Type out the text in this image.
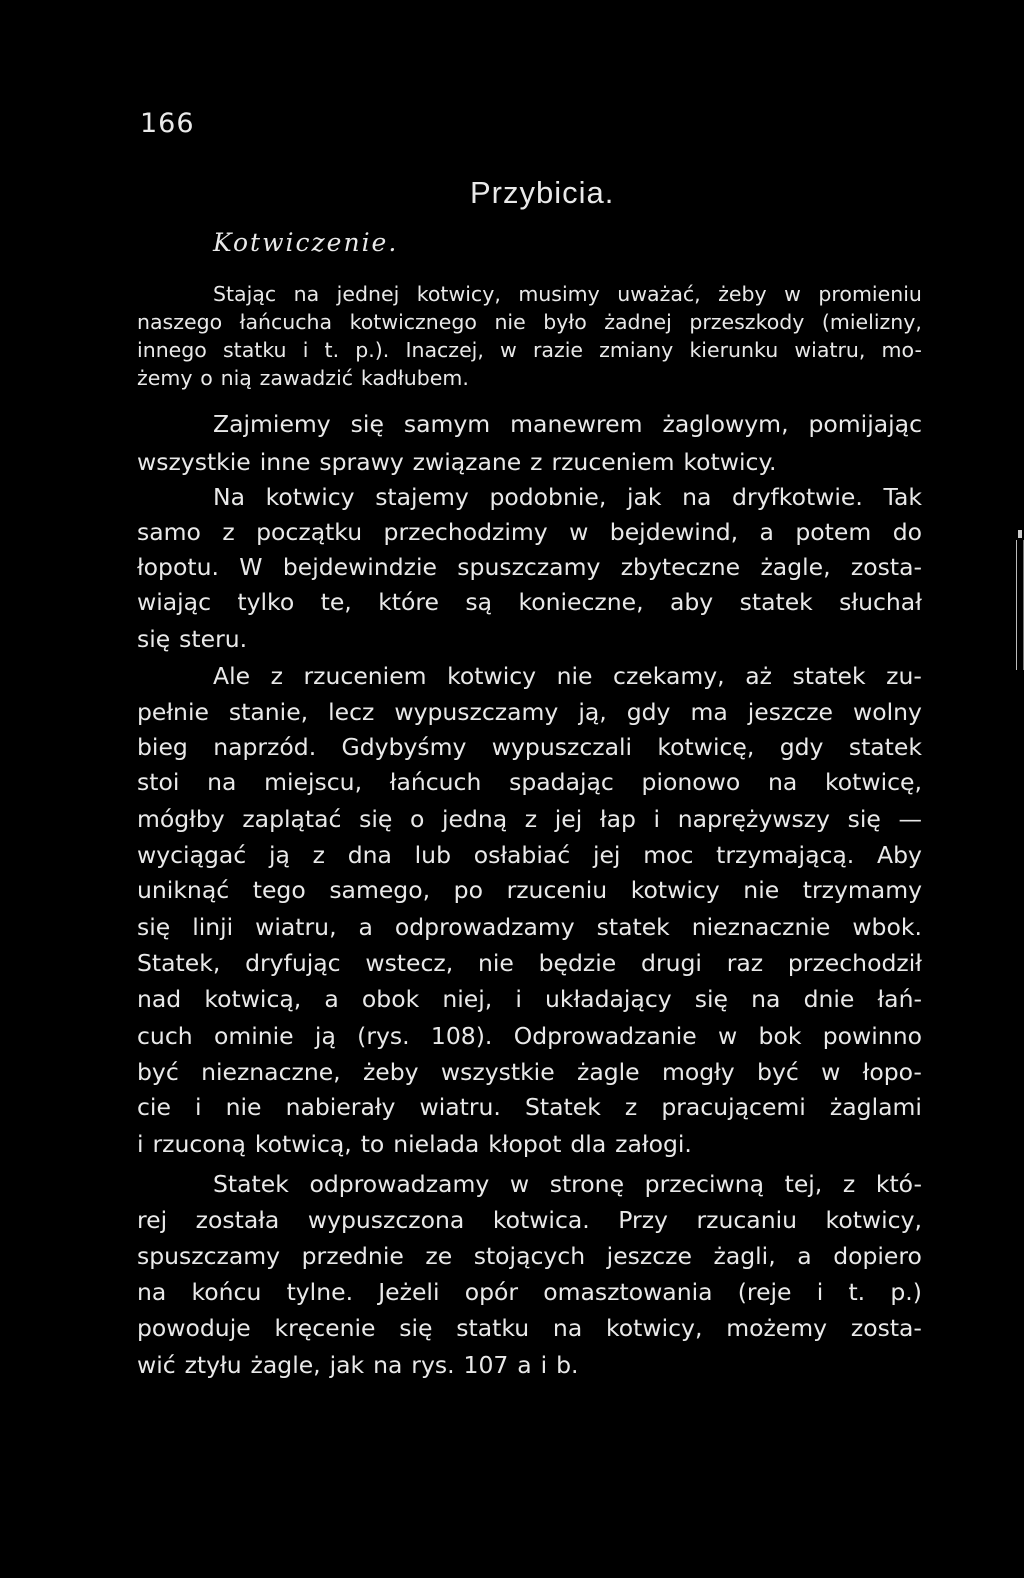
166
Przybicia.
Kotwiczenie.
Stając na jednej kotwicy, musimy uważać, żeby w promieniu
naszego łańcucha kotwicznego nie było żadnej przeszkody (mielizny,
innego statku i t. p.). Inaczej, w razie zmiany kierunku wiatru, mo-
żemy o nią zawadzić kadłubem.
Zajmiemy się samym manewrem żaglowym, pomijając
wszystkie inne sprawy związane z rzuceniem kotwicy.
Na kotwicy stajemy podobnie, jak na dryfkotwie. Tak
samo z początku przechodzimy w bejdewind, a potem do
łopotu. W bejdewindzie spuszczamy zbyteczne żagle, zosta-
wiając tylko te, które są konieczne, aby statek słuchał
się steru.
Ale z rzuceniem kotwicy nie czekamy, aż statek zu-
pełnie stanie, lecz wypuszczamy ją, gdy ma jeszcze wolny
bieg naprzód. Gdybyśmy wypuszczali kotwicę, gdy statek
stoi na miejscu, łańcuch spadając pionowo na kotwicę,
mógłby zaplątać się o jedną z jej łap i naprężywszy się —
wyciągać ją z dna lub osłabiać jej moc trzymającą. Aby
uniknąć tego samego, po rzuceniu kotwicy nie trzymamy
się linji wiatru, a odprowadzamy statek nieznacznie wbok.
Statek, dryfując wstecz, nie będzie drugi raz przechodził
nad kotwicą, a obok niej, i układający się na dnie łań-
cuch ominie ją (rys. 108). Odprowadzanie w bok powinno
być nieznaczne, żeby wszystkie żagle mogły być w łopo-
cie i nie nabierały wiatru. Statek z pracującemi żaglami
i rzuconą kotwicą, to nielada kłopot dla załogi.
Statek odprowadzamy w stronę przeciwną tej, z któ-
rej została wypuszczona kotwica. Przy rzucaniu kotwicy,
spuszczamy przednie ze stojących jeszcze żagli, a dopiero
na końcu tylne. Jeżeli opór omasztowania (reje i t. p.)
powoduje kręcenie się statku na kotwicy, możemy zosta-
wić ztyłu żagle, jak na rys. 107 a i b.
